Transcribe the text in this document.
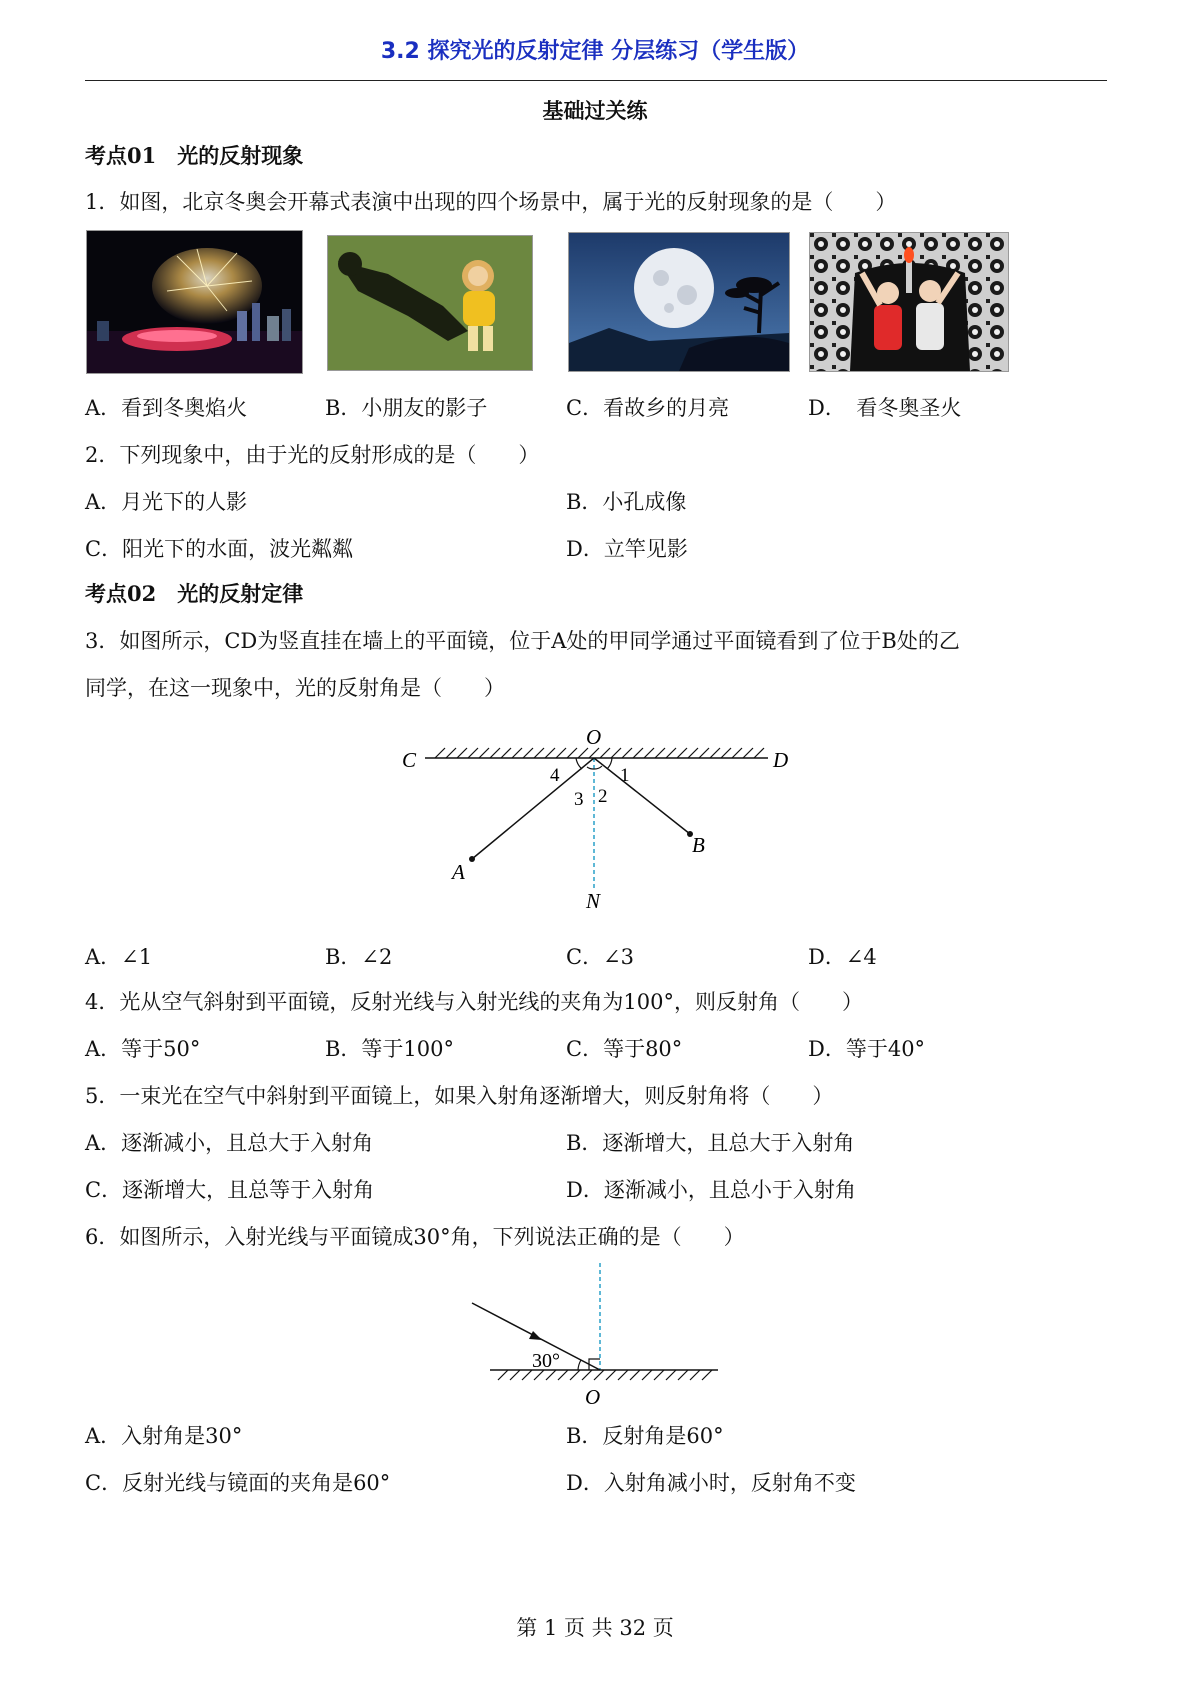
3.2 探究光的反射定律 分层练习（学生版）
基础过关练
考点01　光的反射现象
1．如图，北京冬奥会开幕式表演中出现的四个场景中，属于光的反射现象的是（　　）
A．看到冬奥焰火	B．小朋友的影子	C．看故乡的月亮	D．　看冬奥圣火
2．下列现象中，由于光的反射形成的是（　　）
A．月光下的人影	B．小孔成像
C．阳光下的水面，波光粼粼	D．立竿见影
考点02　光的反射定律
3．如图所示，CD为竖直挂在墙上的平面镜，位于A处的甲同学通过平面镜看到了位于B处的乙
同学，在这一现象中，光的反射角是（　　）
O
C	D
A
B
N
1
2
3
4
A．∠1	B．∠2	C．∠3	D．∠4
4．光从空气斜射到平面镜，反射光线与入射光线的夹角为100°，则反射角（　　）
A．等于50°	B．等于100°	C．等于80°	D．等于40°
5．一束光在空气中斜射到平面镜上，如果入射角逐渐增大，则反射角将（　　）
A．逐渐减小，且总大于入射角	B．逐渐增大，且总大于入射角
C．逐渐增大，且总等于入射角	D．逐渐减小，且总小于入射角
6．如图所示，入射光线与平面镜成30°角，下列说法正确的是（　　）
30°
O
A．入射角是30°	B．反射角是60°
C．反射光线与镜面的夹角是60°	D．入射角减小时，反射角不变
第 1 页 共 32 页
